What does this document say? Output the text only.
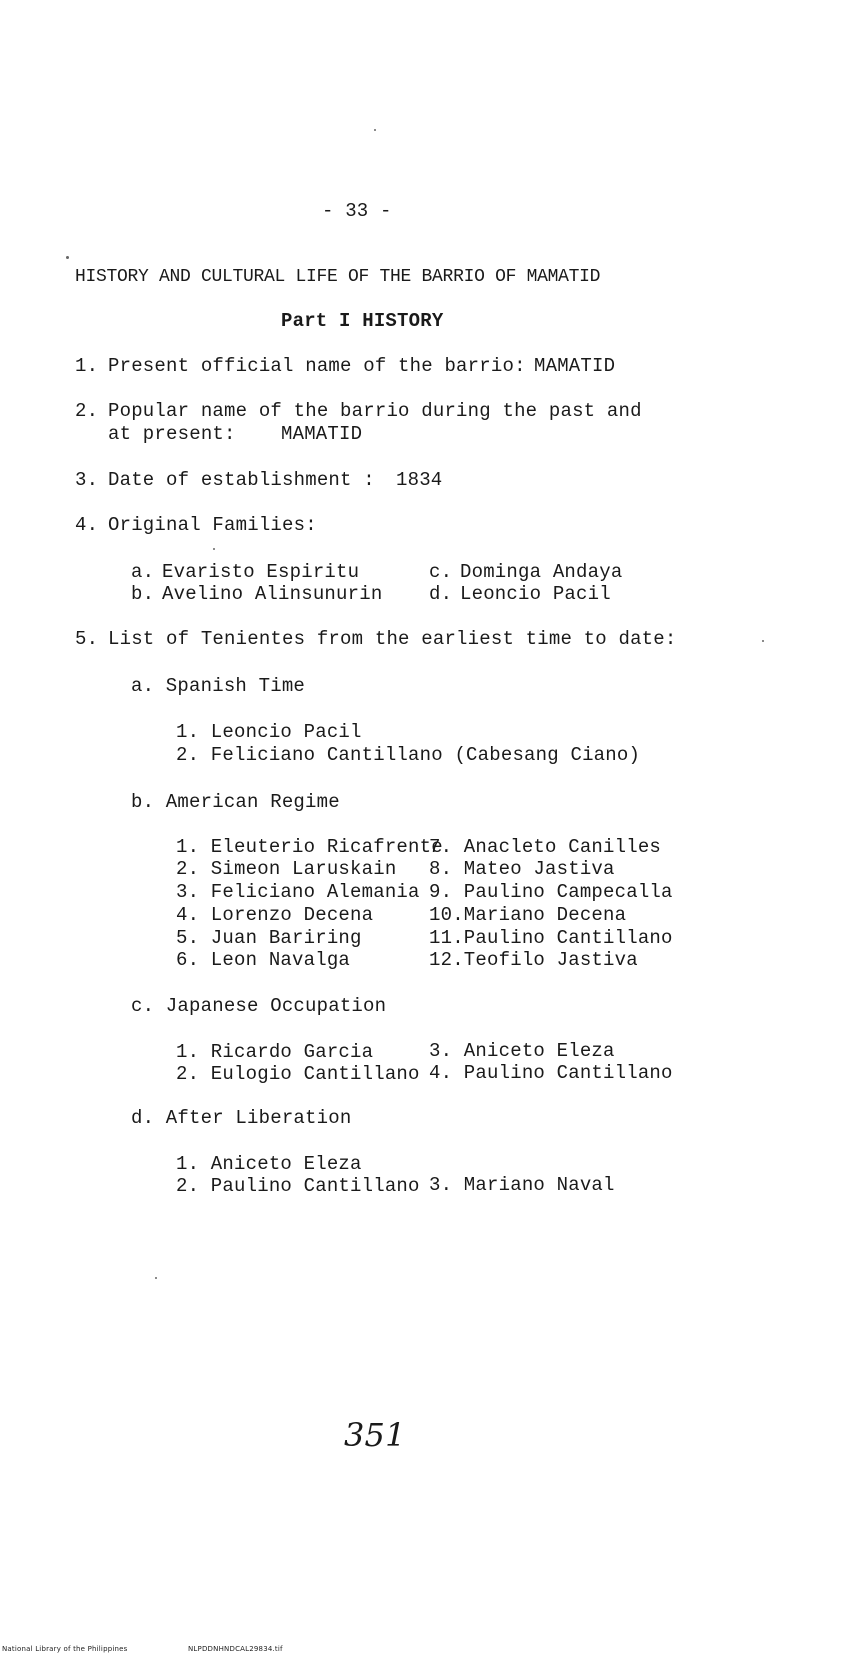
- 33 -
HISTORY AND CULTURAL LIFE OF THE BARRIO OF MAMATID
Part I HISTORY
1. Present official name of the barrio: MAMATID
2. Popular name of the barrio during the past and
at present: MAMATID
3. Date of establishment : 1834
4. Original Families:
a. Evaristo Espiritu
b. Avelino Alinsunurin
c. Dominga Andaya
d. Leoncio Pacil
5. List of Tenientes from the earliest time to date:
a. Spanish Time
1. Leoncio Pacil
2. Feliciano Cantillano (Cabesang Ciano)
b. American Regime
1. Eleuterio Ricafrente
2. Simeon Laruskain
3. Feliciano Alemania
4. Lorenzo Decena
5. Juan Bariring
6. Leon Navalga
7. Anacleto Canilles
8. Mateo Jastiva
9. Paulino Campecalla
10.Mariano Decena
11.Paulino Cantillano
12.Teofilo Jastiva
c. Japanese Occupation
1. Ricardo Garcia
2. Eulogio Cantillano
3. Aniceto Eleza
4. Paulino Cantillano
d. After Liberation
1. Aniceto Eleza
2. Paulino Cantillano 3. Mariano Naval
351
National Library of the Philippines	NLPDDNHNDCAL29834.tif
